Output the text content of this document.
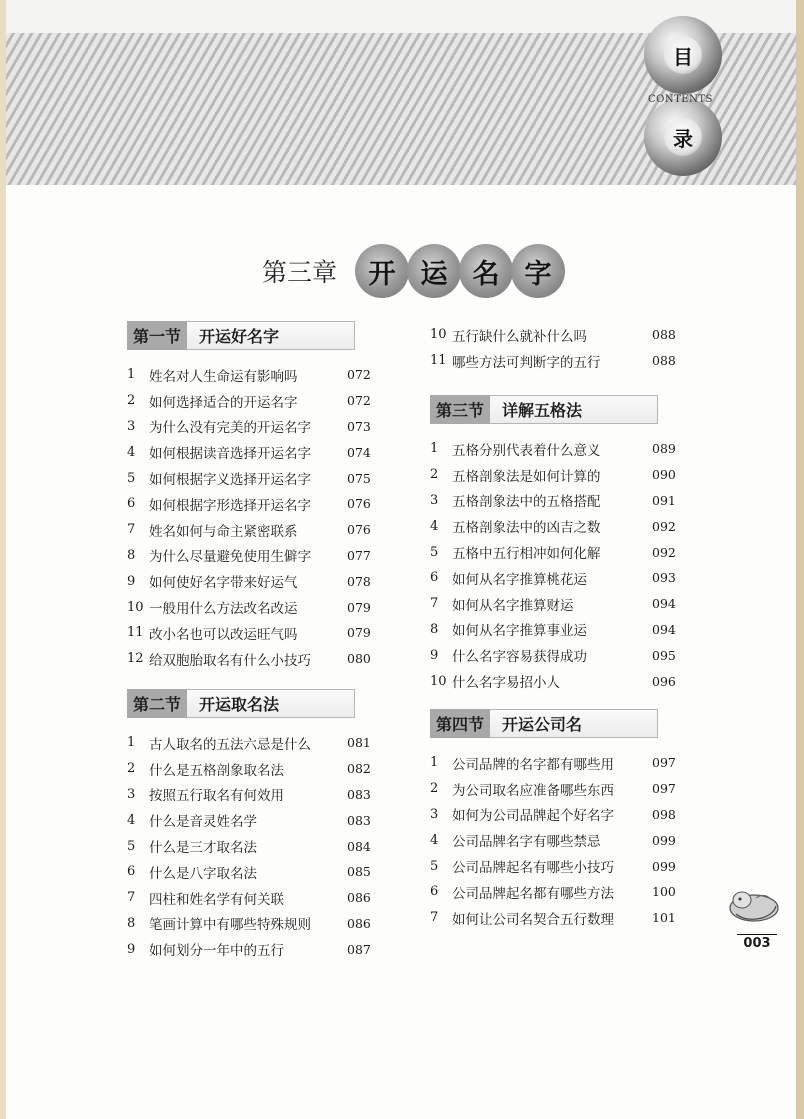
目
录
CONTENTS
第三章	开 运 名 字
第一节	开运好名字
1	姓名对人生命运有影响吗	072
2	如何选择适合的开运名字	072
3	为什么没有完美的开运名字	073
4	如何根据读音选择开运名字	074
5	如何根据字义选择开运名字	075
6	如何根据字形选择开运名字	076
7	姓名如何与命主紧密联系	076
8	为什么尽量避免使用生僻字	077
9	如何使好名字带来好运气	078
10 一般用什么方法改名改运	079
11 改小名也可以改运旺气吗	079
12 给双胞胎取名有什么小技巧	080
第二节	开运取名法
1	古人取名的五法六忌是什么	081
2	什么是五格剖象取名法	082
3	按照五行取名有何效用	083
4	什么是音灵姓名学	083
5	什么是三才取名法	084
6	什么是八字取名法	085
7	四柱和姓名学有何关联	086
8	笔画计算中有哪些特殊规则	086
9	如何划分一年中的五行	087
10 五行缺什么就补什么吗	088
11 哪些方法可判断字的五行	088
第三节	详解五格法
1	五格分别代表着什么意义	089
2	五格剖象法是如何计算的	090
3	五格剖象法中的五格搭配	091
4	五格剖象法中的凶吉之数	092
5	五格中五行相冲如何化解	092
6	如何从名字推算桃花运	093
7	如何从名字推算财运	094
8	如何从名字推算事业运	094
9	什么名字容易获得成功	095
10 什么名字易招小人	096
第四节	开运公司名
1	公司品牌的名字都有哪些用	097
2	为公司取名应准备哪些东西	097
3	如何为公司品牌起个好名字	098
4	公司品牌名字有哪些禁忌	099
5	公司品牌起名有哪些小技巧	099
6	公司品牌起名都有哪些方法	100
7	如何让公司名契合五行数理	101
003
